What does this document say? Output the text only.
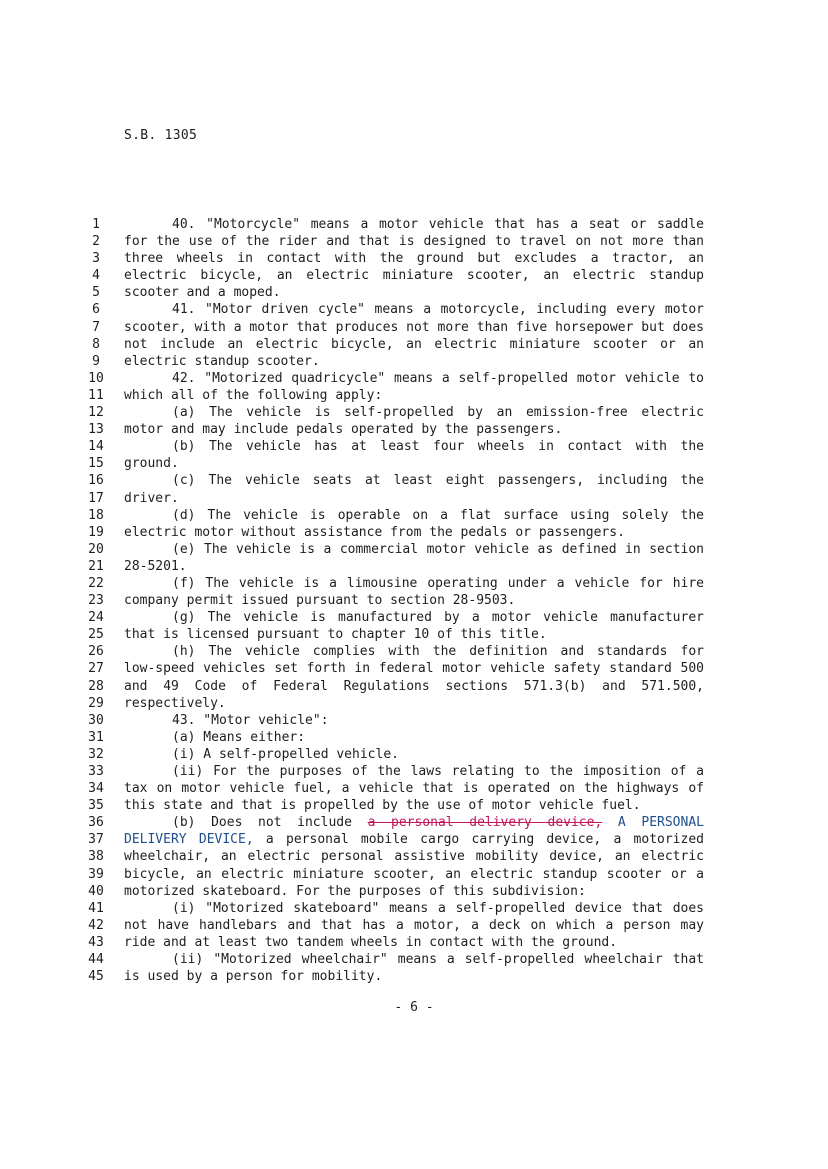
S.B. 1305
1	40. "Motorcycle" means a motor vehicle that has a seat or saddle
2	for the use of the rider and that is designed to travel on not more than
3	three wheels in contact with the ground but excludes a tractor, an
4	electric bicycle, an electric miniature scooter, an electric standup
5	scooter and a moped.
6	41. "Motor driven cycle" means a motorcycle, including every motor
7	scooter, with a motor that produces not more than five horsepower but does
8	not include an electric bicycle, an electric miniature scooter or an
9	electric standup scooter.
10	42. "Motorized quadricycle" means a self-propelled motor vehicle to
11 which all of the following apply:
12	(a) The vehicle is self-propelled by an emission-free electric
13 motor and may include pedals operated by the passengers.
14	(b) The vehicle has at least four wheels in contact with the
15 ground.
16	(c) The vehicle seats at least eight passengers, including the
17 driver.
18	(d) The vehicle is operable on a flat surface using solely the
19 electric motor without assistance from the pedals or passengers.
20	(e) The vehicle is a commercial motor vehicle as defined in section
21 28-5201.
22	(f) The vehicle is a limousine operating under a vehicle for hire
23 company permit issued pursuant to section 28-9503.
24	(g) The vehicle is manufactured by a motor vehicle manufacturer
25 that is licensed pursuant to chapter 10 of this title.
26	(h) The vehicle complies with the definition and standards for
27 low-speed vehicles set forth in federal motor vehicle safety standard 500
28 and 49 Code of Federal Regulations sections 571.3(b) and 571.500,
29 respectively.
30	43. "Motor vehicle":
31	(a) Means either:
32	(i) A self-propelled vehicle.
33	(ii) For the purposes of the laws relating to the imposition of a
34 tax on motor vehicle fuel, a vehicle that is operated on the highways of
35 this state and that is propelled by the use of motor vehicle fuel.
36	(b) Does not include a personal delivery device, A PERSONAL
37 DELIVERY DEVICE, a personal mobile cargo carrying device, a motorized
38 wheelchair, an electric personal assistive mobility device, an electric
39 bicycle, an electric miniature scooter, an electric standup scooter or a
40 motorized skateboard. For the purposes of this subdivision:
41	(i) "Motorized skateboard" means a self-propelled device that does
42 not have handlebars and that has a motor, a deck on which a person may
43 ride and at least two tandem wheels in contact with the ground.
44	(ii) "Motorized wheelchair" means a self-propelled wheelchair that
45 is used by a person for mobility.
- 6 -
